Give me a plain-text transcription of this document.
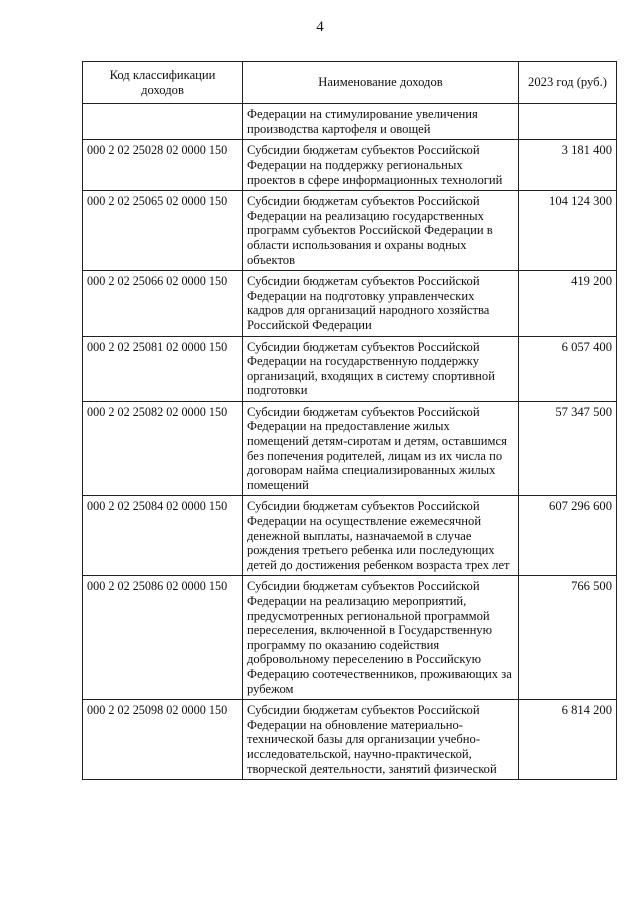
4
Код классификации доходов	Наименование доходов	2023 год (руб.)
	Федерации на стимулирование увеличения производства картофеля и овощей	
000 2 02 25028 02 0000 150	Субсидии бюджетам субъектов Российской Федерации на поддержку региональных проектов в сфере информационных технологий	3 181 400
000 2 02 25065 02 0000 150	Субсидии бюджетам субъектов Российской Федерации на реализацию государственных программ субъектов Российской Федерации в области использования и охраны водных объектов	104 124 300
000 2 02 25066 02 0000 150	Субсидии бюджетам субъектов Российской Федерации на подготовку управленческих кадров для организаций народного хозяйства Российской Федерации	419 200
000 2 02 25081 02 0000 150	Субсидии бюджетам субъектов Российской Федерации на государственную поддержку организаций, входящих в систему спортивной подготовки	6 057 400
000 2 02 25082 02 0000 150	Субсидии бюджетам субъектов Российской Федерации на предоставление жилых помещений детям-сиротам и детям, оставшимся без попечения родителей, лицам из их числа по договорам найма специализированных жилых помещений	57 347 500
000 2 02 25084 02 0000 150	Субсидии бюджетам субъектов Российской Федерации на осуществление ежемесячной денежной выплаты, назначаемой в случае рождения третьего ребенка или последующих детей до достижения ребенком возраста трех лет	607 296 600
000 2 02 25086 02 0000 150	Субсидии бюджетам субъектов Российской Федерации на реализацию мероприятий, предусмотренных региональной программой переселения, включенной в Государственную программу по оказанию содействия добровольному переселению в Российскую Федерацию соотечественников, проживающих за рубежом	766 500
000 2 02 25098 02 0000 150	Субсидии бюджетам субъектов Российской Федерации на обновление материально-технической базы для организации учебно-исследовательской, научно-практической, творческой деятельности, занятий физической	6 814 200
